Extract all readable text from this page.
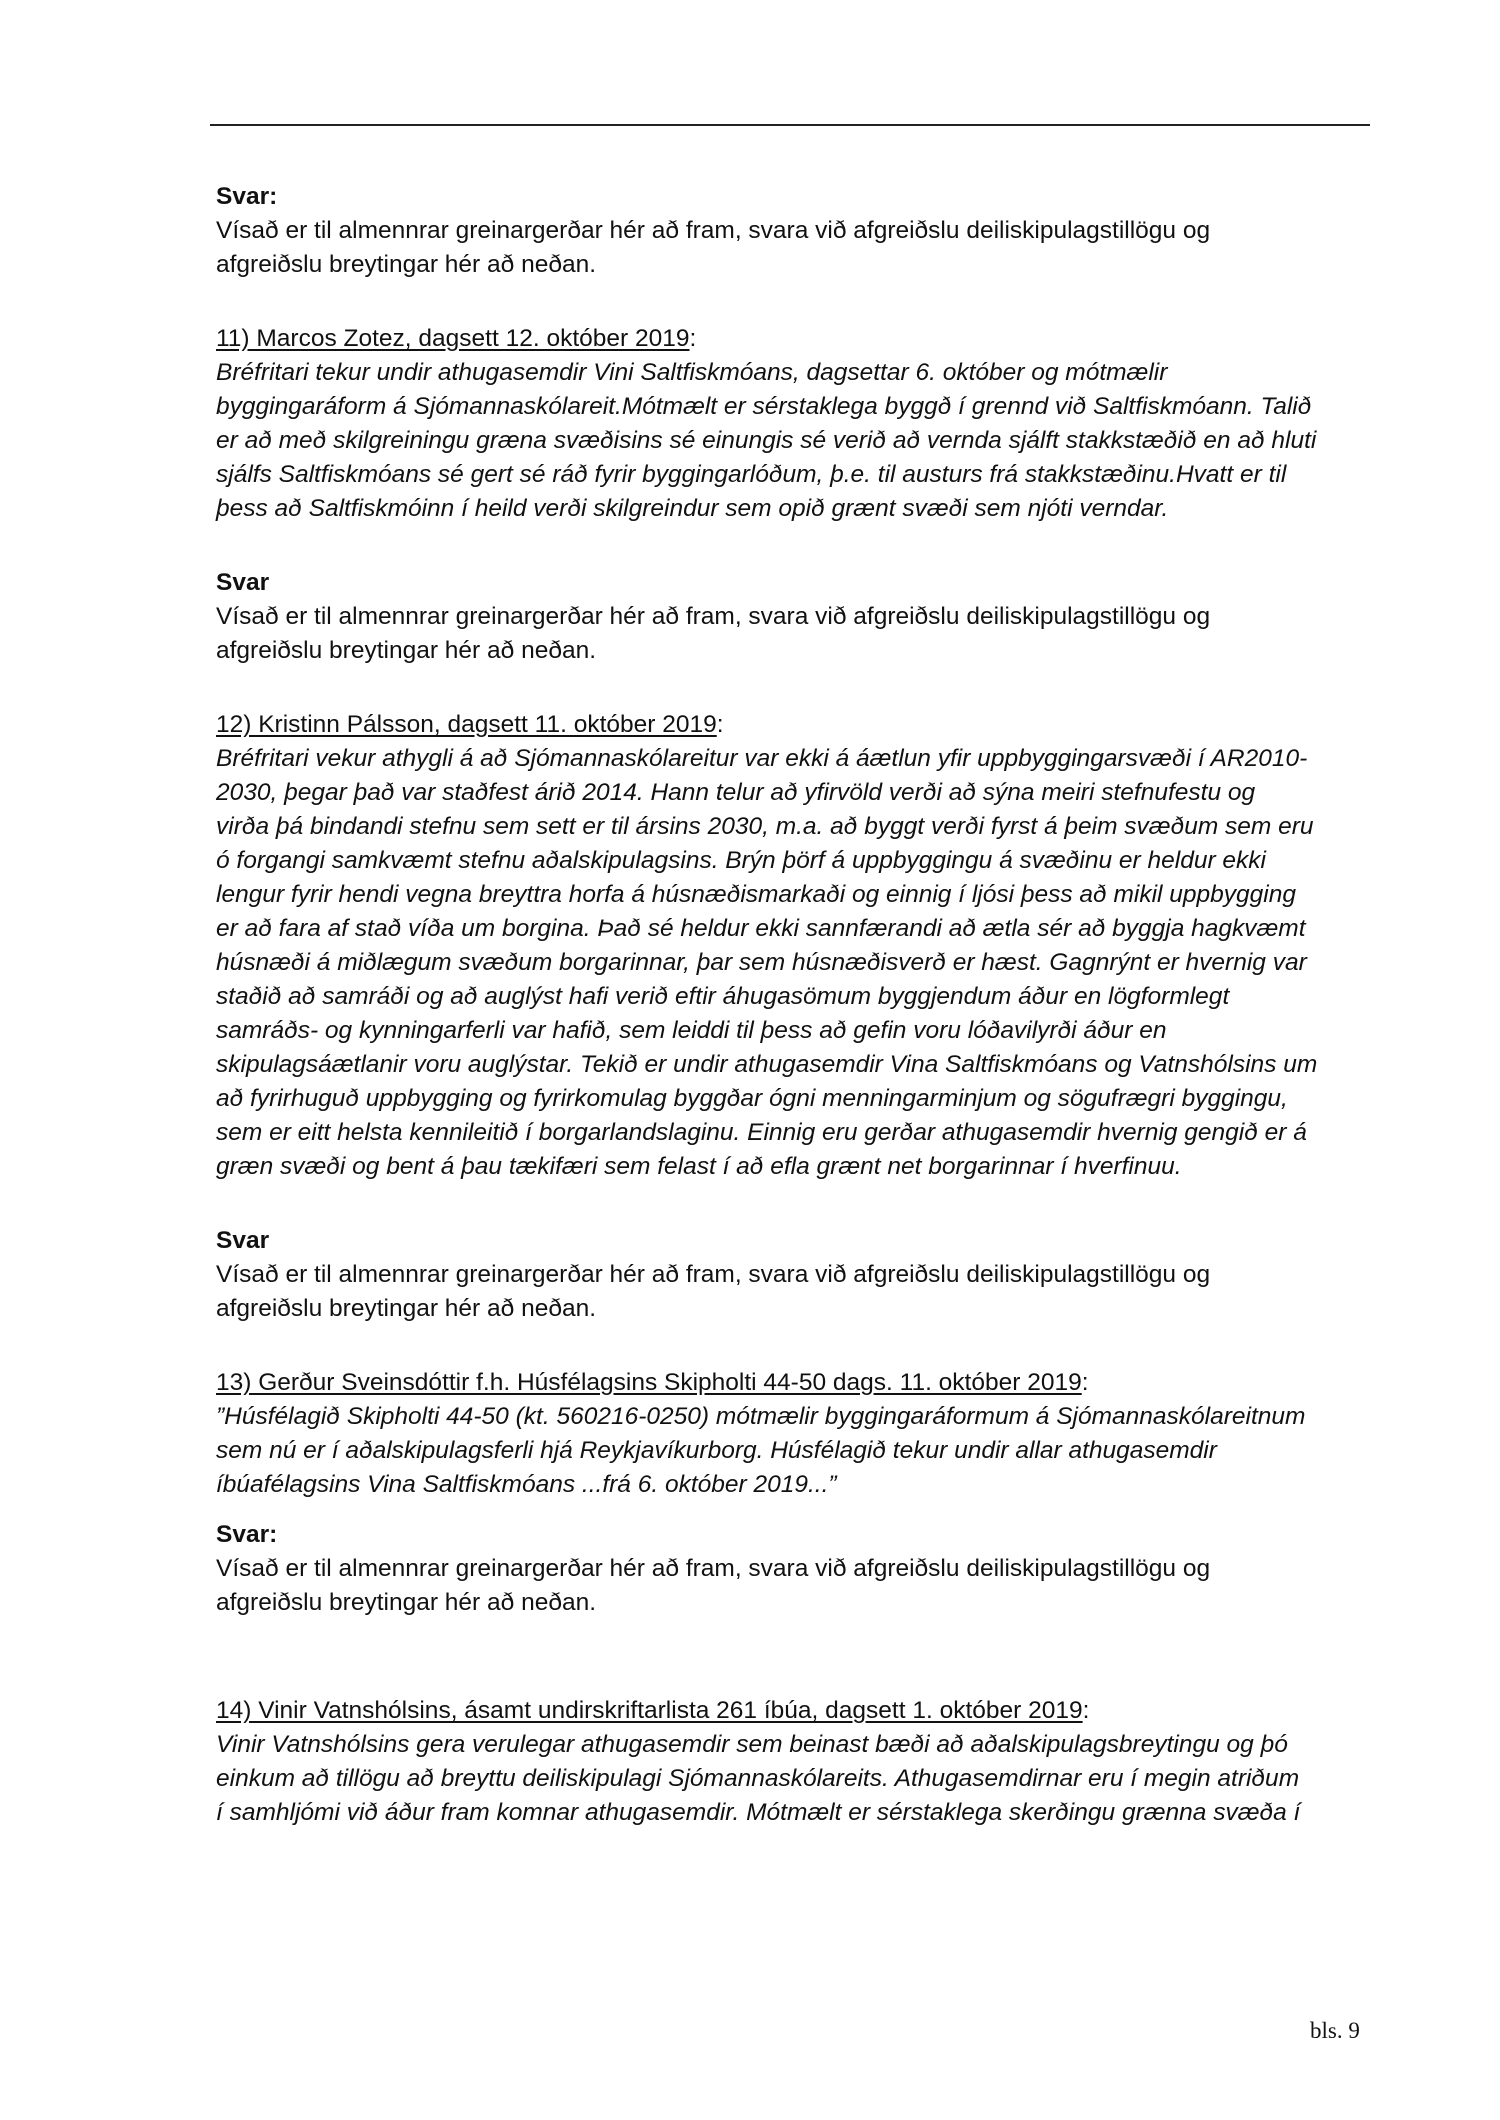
Svar:
Vísað er til almennrar greinargerðar hér að fram, svara við afgreiðslu deiliskipulagstillögu og
afgreiðslu breytingar hér að neðan.
11) Marcos Zotez, dagsett 12. október 2019:
Bréfritari tekur undir athugasemdir Vini Saltfiskmóans, dagsettar 6. október og mótmælir
byggingaráform á Sjómannaskólareit.Mótmælt er sérstaklega byggð í grennd við Saltfiskmóann. Talið
er að með skilgreiningu græna svæðisins sé einungis sé verið að vernda sjálft stakkstæðið en að hluti
sjálfs Saltfiskmóans sé gert sé ráð fyrir byggingarlóðum, þ.e. til austurs frá stakkstæðinu.Hvatt er til
þess að Saltfiskmóinn í heild verði skilgreindur sem opið grænt svæði sem njóti verndar.
Svar
Vísað er til almennrar greinargerðar hér að fram, svara við afgreiðslu deiliskipulagstillögu og
afgreiðslu breytingar hér að neðan.
12) Kristinn Pálsson, dagsett 11. október 2019:
Bréfritari vekur athygli á að Sjómannaskólareitur var ekki á áætlun yfir uppbyggingarsvæði í AR2010-
2030, þegar það var staðfest árið 2014. Hann telur að yfirvöld verði að sýna meiri stefnufestu og
virða þá bindandi stefnu sem sett er til ársins 2030, m.a. að byggt verði fyrst á þeim svæðum sem eru
ó forgangi samkvæmt stefnu aðalskipulagsins. Brýn þörf á uppbyggingu á svæðinu er heldur ekki
lengur fyrir hendi vegna breyttra horfa á húsnæðismarkaði og einnig í ljósi þess að mikil uppbygging
er að fara af stað víða um borgina. Það sé heldur ekki sannfærandi að ætla sér að byggja hagkvæmt
húsnæði á miðlægum svæðum borgarinnar, þar sem húsnæðisverð er hæst. Gagnrýnt er hvernig var
staðið að samráði og að auglýst hafi verið eftir áhugasömum byggjendum áður en lögformlegt
samráðs- og kynningarferli var hafið, sem leiddi til þess að gefin voru lóðavilyrði áður en
skipulagsáætlanir voru auglýstar. Tekið er undir athugasemdir Vina Saltfiskmóans og Vatnshólsins um
að fyrirhuguð uppbygging og fyrirkomulag byggðar ógni menningarminjum og sögufrægri byggingu,
sem er eitt helsta kennileitið í borgarlandslaginu. Einnig eru gerðar athugasemdir hvernig gengið er á
græn svæði og bent á þau tækifæri sem felast í að efla grænt net borgarinnar í hverfinuu.
Svar
Vísað er til almennrar greinargerðar hér að fram, svara við afgreiðslu deiliskipulagstillögu og
afgreiðslu breytingar hér að neðan.
13) Gerður Sveinsdóttir f.h. Húsfélagsins Skipholti 44-50 dags. 11. október 2019:
”Húsfélagið Skipholti 44-50 (kt. 560216-0250) mótmælir byggingaráformum á Sjómannaskólareitnum
sem nú er í aðalskipulagsferli hjá Reykjavíkurborg. Húsfélagið tekur undir allar athugasemdir
íbúafélagsins Vina Saltfiskmóans ...frá 6. október 2019...”
Svar:
Vísað er til almennrar greinargerðar hér að fram, svara við afgreiðslu deiliskipulagstillögu og
afgreiðslu breytingar hér að neðan.
14) Vinir Vatnshólsins, ásamt undirskriftarlista 261 íbúa, dagsett 1. október 2019:
Vinir Vatnshólsins gera verulegar athugasemdir sem beinast bæði að aðalskipulagsbreytingu og þó
einkum að tillögu að breyttu deiliskipulagi Sjómannaskólareits. Athugasemdirnar eru í megin atriðum
í samhljómi við áður fram komnar athugasemdir. Mótmælt er sérstaklega skerðingu grænna svæða í
bls. 9
